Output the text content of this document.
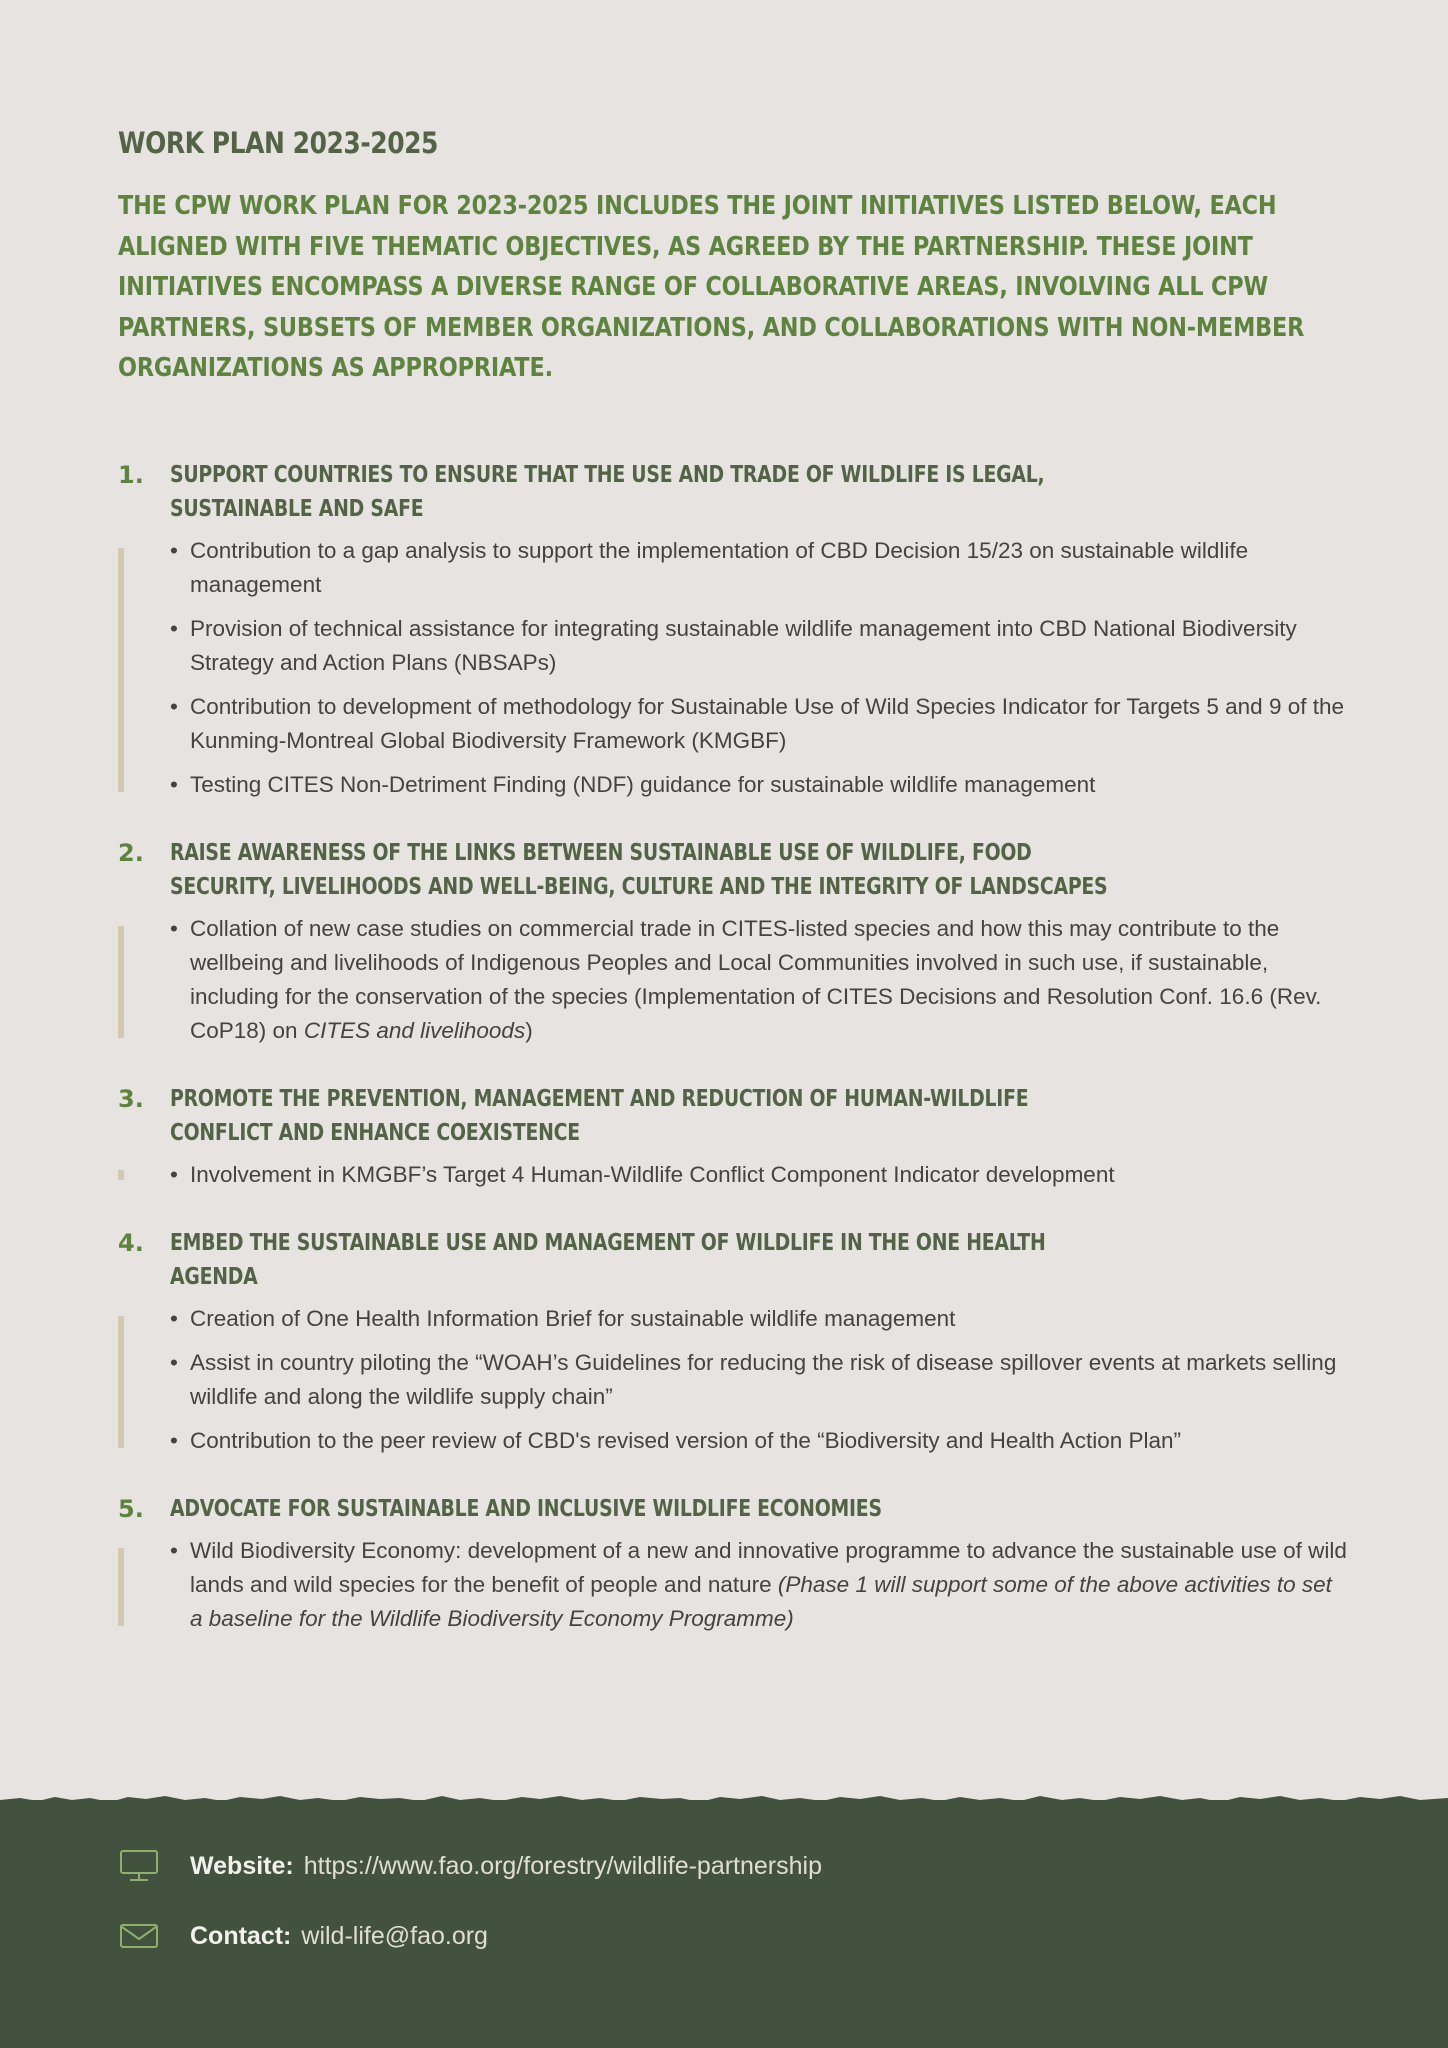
WORK PLAN 2023-2025

THE CPW WORK PLAN FOR 2023-2025 INCLUDES THE JOINT INITIATIVES LISTED BELOW, EACH ALIGNED WITH FIVE THEMATIC OBJECTIVES, AS AGREED BY THE PARTNERSHIP. THESE JOINT INITIATIVES ENCOMPASS A DIVERSE RANGE OF COLLABORATIVE AREAS, INVOLVING ALL CPW PARTNERS, SUBSETS OF MEMBER ORGANIZATIONS, AND COLLABORATIONS WITH NON-MEMBER ORGANIZATIONS AS APPROPRIATE.

1.	SUPPORT COUNTRIES TO ENSURE THAT THE USE AND TRADE OF WILDLIFE IS LEGAL, SUSTAINABLE AND SAFE
• Contribution to a gap analysis to support the implementation of CBD Decision 15/23 on sustainable wildlife management
• Provision of technical assistance for integrating sustainable wildlife management into CBD National Biodiversity Strategy and Action Plans (NBSAPs)
• Contribution to development of methodology for Sustainable Use of Wild Species Indicator for Targets 5 and 9 of the Kunming-Montreal Global Biodiversity Framework (KMGBF)
• Testing CITES Non-Detriment Finding (NDF) guidance for sustainable wildlife management
2.	RAISE AWARENESS OF THE LINKS BETWEEN SUSTAINABLE USE OF WILDLIFE, FOOD SECURITY, LIVELIHOODS AND WELL-BEING, CULTURE AND THE INTEGRITY OF LANDSCAPES
• Collation of new case studies on commercial trade in CITES-listed species and how this may contribute to the wellbeing and livelihoods of Indigenous Peoples and Local Communities involved in such use, if sustainable, including for the conservation of the species (Implementation of CITES Decisions and Resolution Conf. 16.6 (Rev. CoP18) on CITES and livelihoods)
3.	PROMOTE THE PREVENTION, MANAGEMENT AND REDUCTION OF HUMAN-WILDLIFE CONFLICT AND ENHANCE COEXISTENCE
• Involvement in KMGBF’s Target 4 Human-Wildlife Conflict Component Indicator development
4.	EMBED THE SUSTAINABLE USE AND MANAGEMENT OF WILDLIFE IN THE ONE HEALTH AGENDA
• Creation of One Health Information Brief for sustainable wildlife management
• Assist in country piloting the “WOAH’s Guidelines for reducing the risk of disease spillover events at markets selling wildlife and along the wildlife supply chain”
• Contribution to the peer review of CBD's revised version of the “Biodiversity and Health Action Plan”
5.	ADVOCATE FOR SUSTAINABLE AND INCLUSIVE WILDLIFE ECONOMIES
• Wild Biodiversity Economy: development of a new and innovative programme to advance the sustainable use of wild lands and wild species for the benefit of people and nature (Phase 1 will support some of the above activities to set a baseline for the Wildlife Biodiversity Economy Programme)
Website: https://www.fao.org/forestry/wildlife-partnership
Contact: wild-life@fao.org
